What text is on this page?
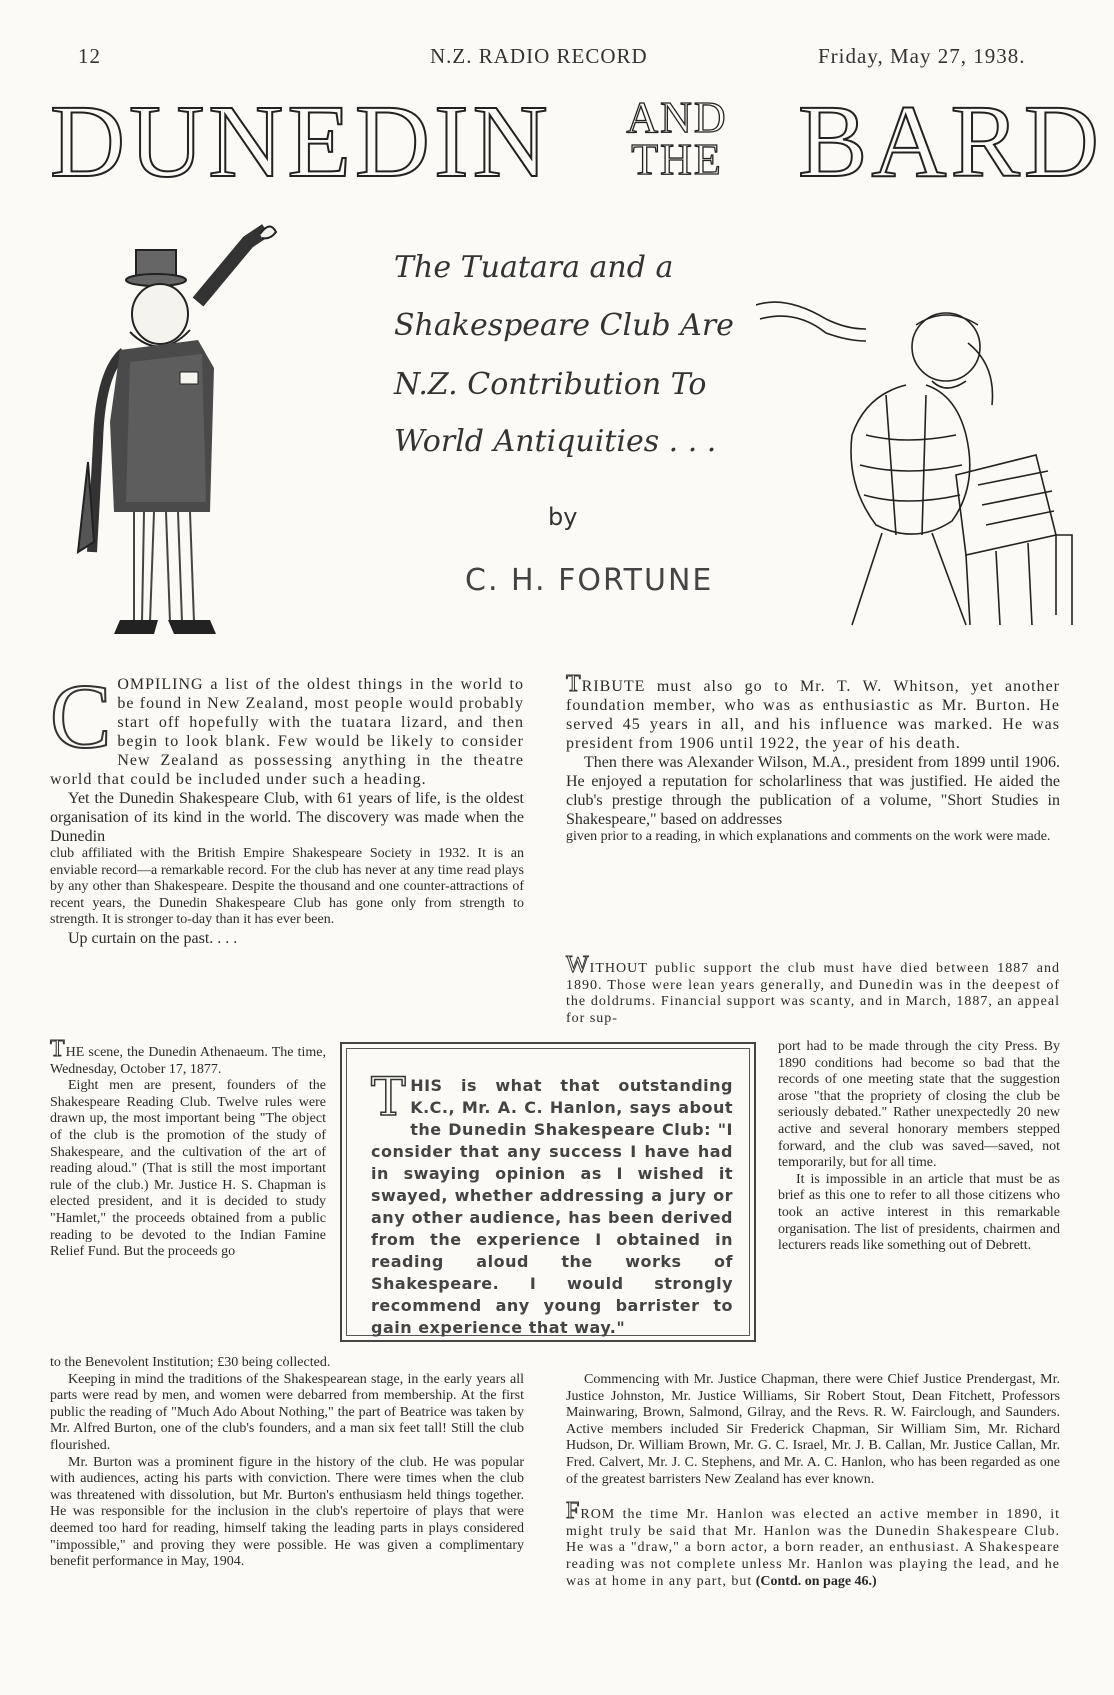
12	N.Z. RADIO RECORD	Friday, May 27, 1938.
DUNEDIN	AND
THE BARD
The Tuatara and a
Shakespeare Club Are
N.Z. Contribution To
World Antiquities . . .
by
C. H. FORTUNE

COMPILING a list of the oldest things in the world to be found in New Zealand, most people would probably start off hopefully with the tuatara lizard, and then begin to look blank. Few would be likely to consider New Zealand as possessing anything in the theatre world that could be included under such a heading.

Yet the Dunedin Shakespeare Club, with 61 years of life, is the oldest organisation of its kind in the world. The discovery was made when the Dunedin

club affiliated with the British Empire Shakespeare Society in 1932. It is an enviable record—a remarkable record. For the club has never at any time read plays by any other than Shakespeare. Despite the thousand and one counter-attractions of recent years, the Dunedin Shakespeare Club has gone only from strength to strength. It is stronger to-day than it has ever been.

Up curtain on the past. . . .

THE scene, the Dunedin Athenaeum. The time, Wednesday, October 17, 1877.

Eight men are present, founders of the Shakespeare Reading Club. Twelve rules were drawn up, the most important being "The object of the club is the promotion of the study of Shakespeare, and the cultivation of the art of reading aloud." (That is still the most important rule of the club.) Mr. Justice H. S. Chapman is elected president, and it is decided to study "Hamlet," the proceeds obtained from a public reading to be devoted to the Indian Famine Relief Fund. But the proceeds go

THIS is what that outstanding K.C., Mr. A. C. Hanlon, says about the Dunedin Shakespeare Club: "I consider that any success I have had in swaying opinion as I wished it swayed, whether addressing a jury or any other audience, has been derived from the experience I obtained in reading aloud the works of Shakespeare. I would strongly recommend any young barrister to gain experience that way."

to the Benevolent Institution; £30 being collected.

Keeping in mind the traditions of the Shakespearean stage, in the early years all parts were read by men, and women were debarred from membership. At the first public the reading of "Much Ado About Nothing," the part of Beatrice was taken by Mr. Alfred Burton, one of the club's founders, and a man six feet tall! Still the club flourished.

Mr. Burton was a prominent figure in the history of the club. He was popular with audiences, acting his parts with conviction. There were times when the club was threatened with dissolution, but Mr. Burton's enthusiasm held things together. He was responsible for the inclusion in the club's repertoire of plays that were deemed too hard for reading, himself taking the leading parts in plays considered "impossible," and proving they were possible. He was given a complimentary benefit performance in May, 1904.

TRIBUTE must also go to Mr. T. W. Whitson, yet another foundation member, who was as enthusiastic as Mr. Burton. He served 45 years in all, and his influence was marked. He was president from 1906 until 1922, the year of his death.

Then there was Alexander Wilson, M.A., president from 1899 until 1906. He enjoyed a reputation for scholarliness that was justified. He aided the club's prestige through the publication of a volume, "Short Studies in Shakespeare," based on addresses

given prior to a reading, in which explanations and comments on the work were made.

WITHOUT public support the club must have died between 1887 and 1890. Those were lean years generally, and Dunedin was in the deepest of the doldrums. Financial support was scanty, and in March, 1887, an appeal for sup-

port had to be made through the city Press. By 1890 conditions had become so bad that the records of one meeting state that the suggestion arose "that the propriety of closing the club be seriously debated." Rather unexpectedly 20 new active and several honorary members stepped forward, and the club was saved—saved, not temporarily, but for all time.

It is impossible in an article that must be as brief as this one to refer to all those citizens who took an active interest in this remarkable organisation. The list of presidents, chairmen and lecturers reads like something out of Debrett.

Commencing with Mr. Justice Chapman, there were Chief Justice Prendergast, Mr. Justice Johnston, Mr. Justice Williams, Sir Robert Stout, Dean Fitchett, Professors Mainwaring, Brown, Salmond, Gilray, and the Revs. R. W. Fairclough, and Saunders. Active members included Sir Frederick Chapman, Sir William Sim, Mr. Richard Hudson, Dr. William Brown, Mr. G. C. Israel, Mr. J. B. Callan, Mr. Justice Callan, Mr. Fred. Calvert, Mr. J. C. Stephens, and Mr. A. C. Hanlon, who has been regarded as one of the greatest barristers New Zealand has ever known.

FROM the time Mr. Hanlon was elected an active member in 1890, it might truly be said that Mr. Hanlon was the Dunedin Shakespeare Club. He was a "draw," a born actor, a born reader, an enthusiast. A Shakespeare reading was not complete unless Mr. Hanlon was playing the lead, and he was at home in any part, but (Contd. on page 46.)
